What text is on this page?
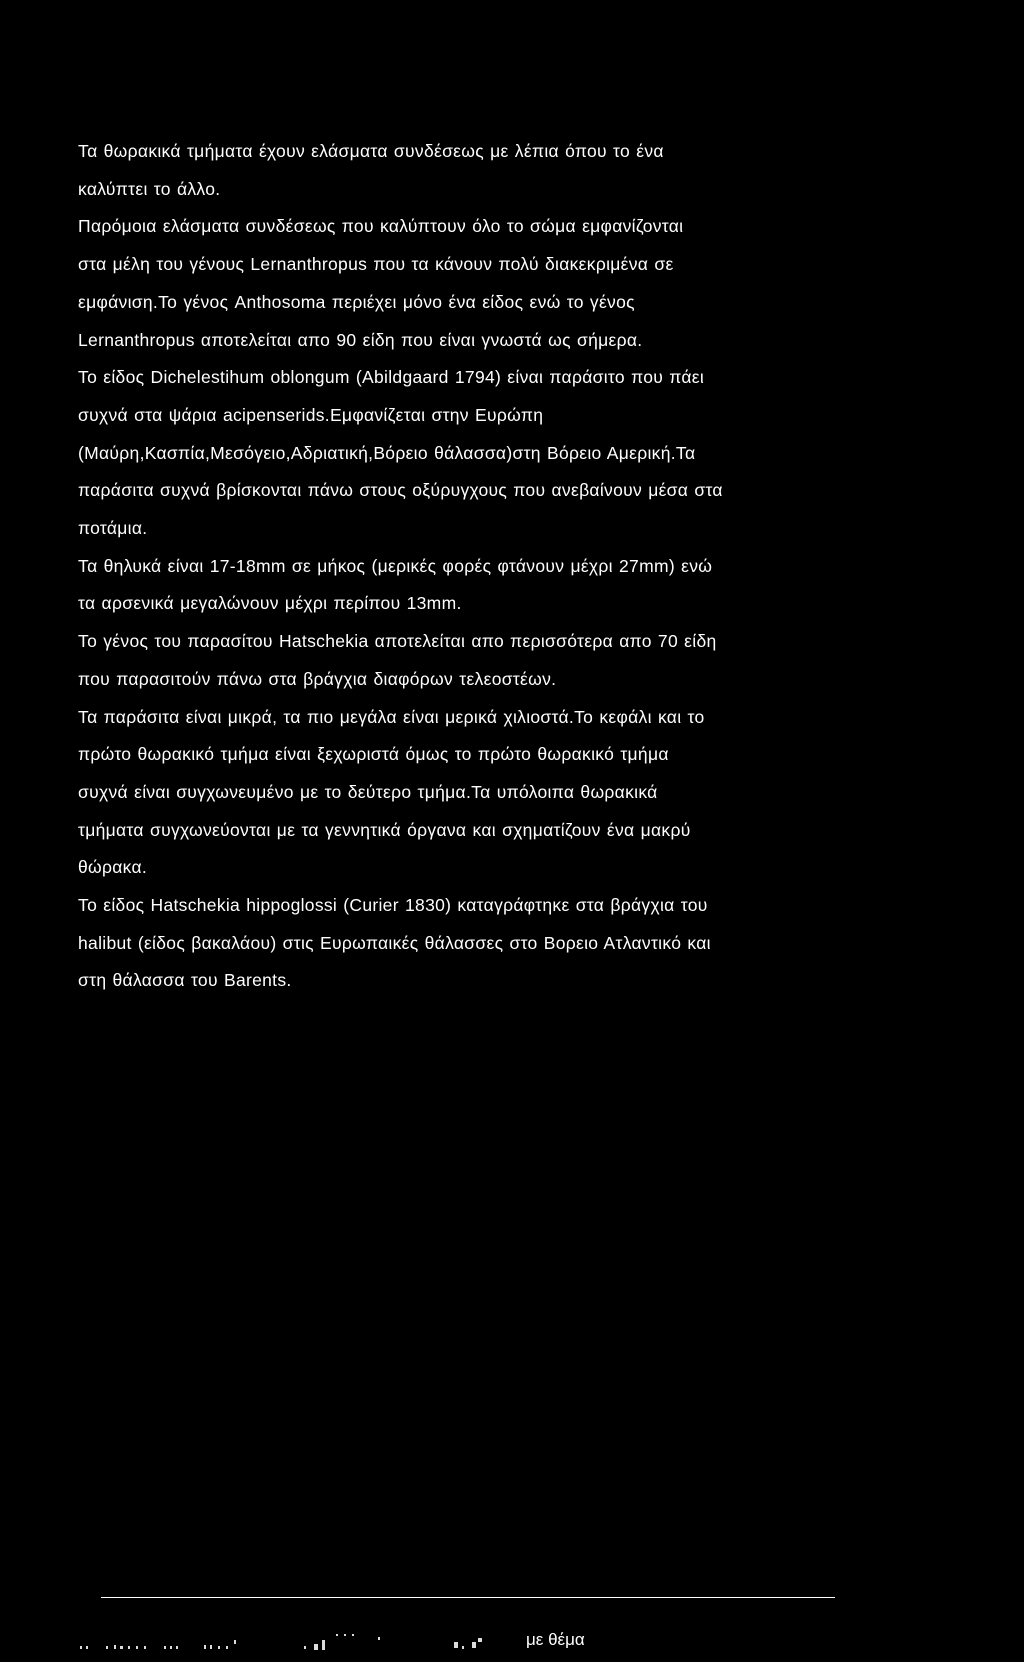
Τα θωρακικά τμήματα έχουν ελάσματα συνδέσεως με λέπια όπου το ένα
καλύπτει το άλλο.
Παρόμοια ελάσματα συνδέσεως που καλύπτουν όλο το σώμα εμφανίζονται
στα μέλη του γένους Lernanthropus που τα κάνουν πολύ διακεκριμένα σε
εμφάνιση.Το γένος Anthosoma περιέχει μόνο ένα είδος ενώ το γένος
Lernanthropus αποτελείται απο 90 είδη που είναι γνωστά ως σήμερα.
Το είδος Dichelestihum oblongum (Abildgaard 1794) είναι παράσιτο που πάει
συχνά στα ψάρια acipenserids.Εμφανίζεται στην Ευρώπη
(Μαύρη,Κασπία,Μεσόγειο,Αδριατική,Βόρειο θάλασσα)στη Βόρειο Αμερική.Τα
παράσιτα συχνά βρίσκονται πάνω στους οξύρυγχους που ανεβαίνουν μέσα στα
ποτάμια.
Τα θηλυκά είναι 17-18mm σε μήκος (μερικές φορές φτάνουν μέχρι 27mm) ενώ
τα αρσενικά μεγαλώνουν μέχρι περίπου 13mm.
Το γένος του παρασίτου Hatschekia αποτελείται απο περισσότερα απο 70 είδη
που παρασιτούν πάνω στα βράγχια διαφόρων τελεοστέων.
Τα παράσιτα είναι μικρά, τα πιο μεγάλα είναι μερικά χιλιοστά.Το κεφάλι και το
πρώτο θωρακικό τμήμα είναι ξεχωριστά όμως το πρώτο θωρακικό τμήμα
συχνά είναι συγχωνευμένο με το δεύτερο τμήμα.Τα υπόλοιπα θωρακικά
τμήματα συγχωνεύονται με τα γεννητικά όργανα και σχηματίζουν ένα μακρύ
θώρακα.
Το είδος Hatschekia hippoglossi (Curier 1830) καταγράφτηκε στα βράγχια του
halibut (είδος βακαλάου) στις Ευρωπαικές θάλασσες στο Βορειο Ατλαντικό και
στη θάλασσα του Barents.
με θέμα
